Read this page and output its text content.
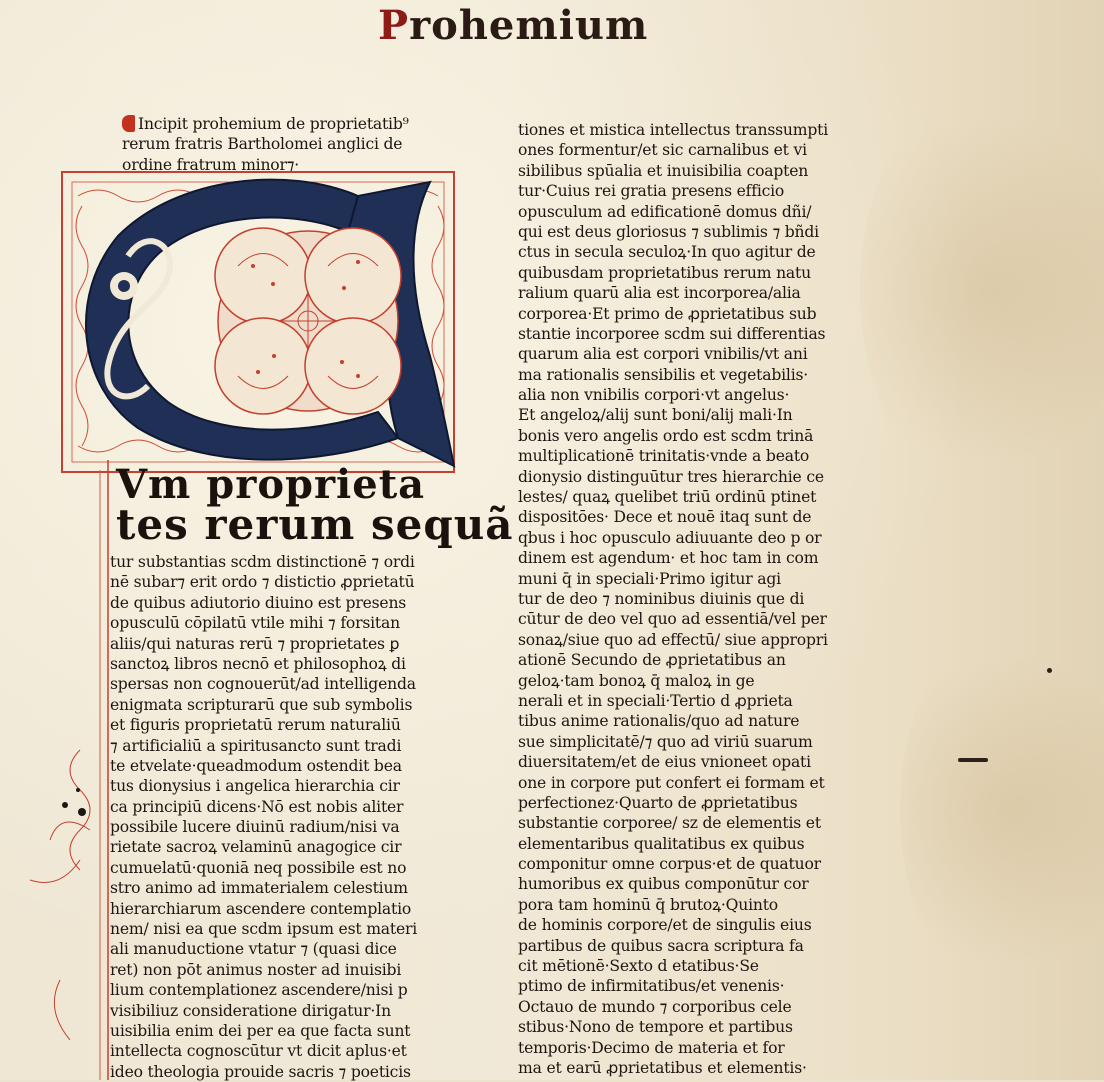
Prohemium
Incipit prohemium de proprietatib⁹
rerum fratris Bartholomei anglici de
ordine fratrum minor⁊·
Vm proprieta
tes rerum sequã
tur substantias scdm distinctionē ⁊ ordi
nē subar⁊ erit ordo ⁊ distictio ꝓprietatū
de quibus adiutorio diuino est presens
opusculū cōpilatū vtile mihi ⁊ forsitan
aliis/qui naturas rerū ⁊ proprietates ꝑ
sanctoꝝ libros necnō et philosophoꝝ di
spersas non cognouerūt/ad intelligenda
enigmata scripturarū que sub symbolis
et figuris proprietatū rerum naturaliū
⁊ artificialiū a spiritusancto sunt tradi
te etvelate·queadmodum ostendit bea
tus dionysius i angelica hierarchia cir
ca principiū dicens·Nō est nobis aliter
possibile lucere diuinū radium/nisi va
rietate sacroꝝ velaminū anagogice cir
cumuelatū·quoniā neq possibile est no
stro animo ad immaterialem celestium
hierarchiarum ascendere contemplatio
nem/ nisi ea que scdm ipsum est materi
ali manuductione vtatur ⁊ (quasi dice
ret) non pōt animus noster ad inuisibi
lium contemplationez ascendere/nisi p
visibiliuz consideratione dirigatur·In
uisibilia enim dei per ea que facta sunt
intellecta cognoscūtur vt dicit aplus·et
ideo theologia prouide sacris ⁊ poeticis
tiones et mistica intellectus transsumpti
ones formentur/et sic carnalibus et vi
sibilibus spūalia et inuisibilia coapten
tur·Cuius rei gratia presens efficio
opusculum ad edificationē domus dñi/
qui est deus gloriosus ⁊ sublimis ⁊ bñdi
ctus in secula seculoꝝ·In quo agitur de
quibusdam proprietatibus rerum natu
ralium quarū alia est incorporea/alia
corporea·Et primo de ꝓprietatibus sub
stantie incorporee scdm sui differentias
quarum alia est corpori vnibilis/vt ani
ma rationalis sensibilis et vegetabilis·
alia non vnibilis corpori·vt angelus·
Et angeloꝝ/alij sunt boni/alij mali·In
bonis vero angelis ordo est scdm trinā
multiplicationē trinitatis·vnde a beato
dionysio distinguūtur tres hierarchie ce
lestes/ quaꝝ quelibet triū ordinū ptinet
dispositōes· Dece et nouē itaq sunt de
qbus i hoc opusculo adiuuante deo p or
dinem est agendum· et hoc tam in com
muni q̄ in speciali·Primo igitur agi
tur de deo ⁊ nominibus diuinis que di
cūtur de deo vel quo ad essentiā/vel per
sonaꝝ/siue quo ad effectū/ siue appropri
ationē Secundo de ꝓprietatibus an
geloꝝ·tam bonoꝝ q̄ maloꝝ in ge
nerali et in speciali·Tertio d ꝓprieta
tibus anime rationalis/quo ad nature
sue simplicitatē/⁊ quo ad viriū suarum
diuersitatem/et de eius vnioneet opati
one in corpore put confert ei formam et
perfectionez·Quarto de ꝓprietatibus
substantie corporee/ sz de elementis et
elementaribus qualitatibus ex quibus
componitur omne corpus·et de quatuor
humoribus ex quibus componūtur cor
pora tam hominū q̄ brutoꝝ·Quinto
de hominis corpore/et de singulis eius
partibus de quibus sacra scriptura fa
cit mētionē·Sexto d etatibus·Se
ptimo de infirmitatibus/et venenis·
Octauo de mundo ⁊ corporibus cele
stibus·Nono de tempore et partibus
temporis·Decimo de materia et for
ma et earū ꝓprietatibus et elementis·
